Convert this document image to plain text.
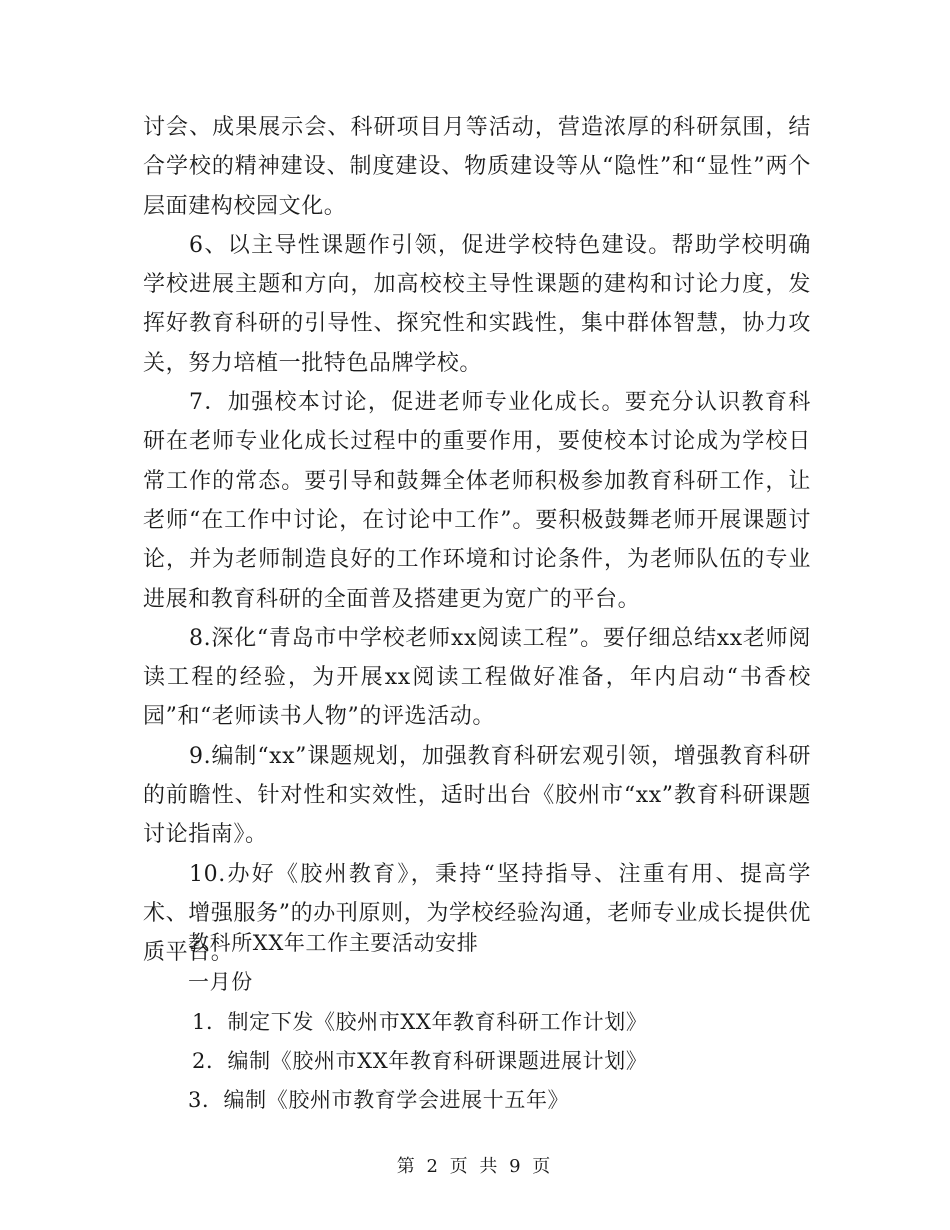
讨会、成果展示会、科研项目月等活动，营造浓厚的科研氛围，结合学校的精神建设、制度建设、物质建设等从“隐性”和“显性”两个层面建构校园文化。

6、以主导性课题作引领，促进学校特色建设。帮助学校明确学校进展主题和方向，加高校校主导性课题的建构和讨论力度，发挥好教育科研的引导性、探究性和实践性，集中群体智慧，协力攻关，努力培植一批特色品牌学校。

7．加强校本讨论，促进老师专业化成长。要充分认识教育科研在老师专业化成长过程中的重要作用，要使校本讨论成为学校日常工作的常态。要引导和鼓舞全体老师积极参加教育科研工作，让老师“在工作中讨论，在讨论中工作”。要积极鼓舞老师开展课题讨论，并为老师制造良好的工作环境和讨论条件，为老师队伍的专业进展和教育科研的全面普及搭建更为宽广的平台。

8.深化“青岛市中学校老师xx阅读工程”。要仔细总结xx老师阅读工程的经验，为开展xx阅读工程做好准备，年内启动“书香校园”和“老师读书人物”的评选活动。

9.编制“xx”课题规划，加强教育科研宏观引领，增强教育科研的前瞻性、针对性和实效性，适时出台《胶州市“xx”教育科研课题讨论指南》。

10.办好《胶州教育》，秉持“坚持指导、注重有用、提高学术、增强服务”的办刊原则，为学校经验沟通，老师专业成长提供优质平台。

教科所XX年工作主要活动安排

一月份

1．制定下发《胶州市XX年教育科研工作计划》

2．编制《胶州市XX年教育科研课题进展计划》

3．编制《胶州市教育学会进展十五年》

第 2 页 共 9 页
